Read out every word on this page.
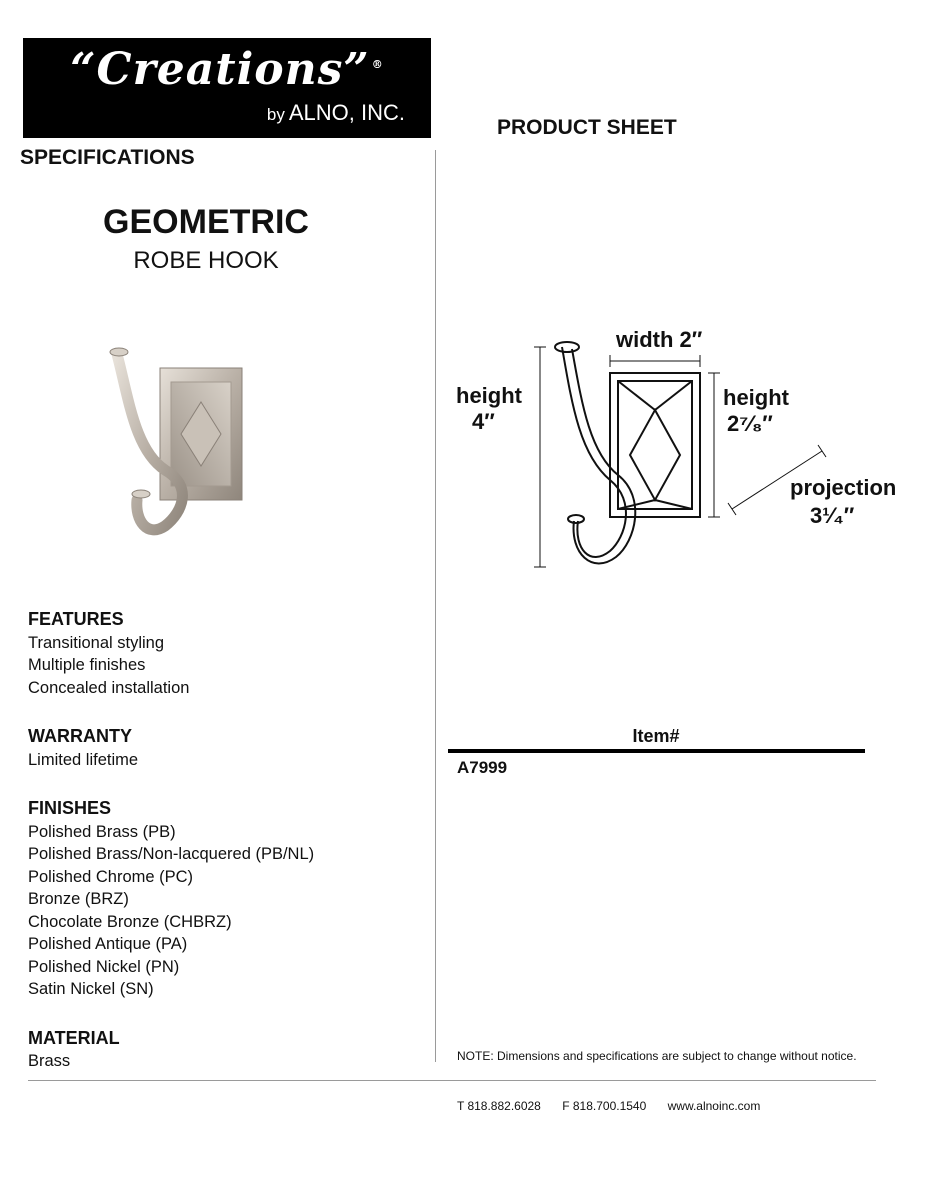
“Creations” ®
by ALNO, INC.
SPECIFICATIONS
PRODUCT SHEET
GEOMETRIC
ROBE HOOK
FEATURES
Transitional styling
Multiple finishes
Concealed installation
WARRANTY
Limited lifetime
FINISHES
Polished Brass (PB)
Polished Brass/Non-lacquered (PB/NL)
Polished Chrome (PC)
Bronze (BRZ)
Chocolate Bronze (CHBRZ)
Polished Antique (PA)
Polished Nickel (PN)
Satin Nickel (SN)
MATERIAL
Brass
width 2″
height
4″
height
2⁷⁄₈″
projection
3¹⁄₄″
Item#
A7999
NOTE: Dimensions and specifications are subject to change without notice.
T 818.882.6028 F 818.700.1540 www.alnoinc.com
